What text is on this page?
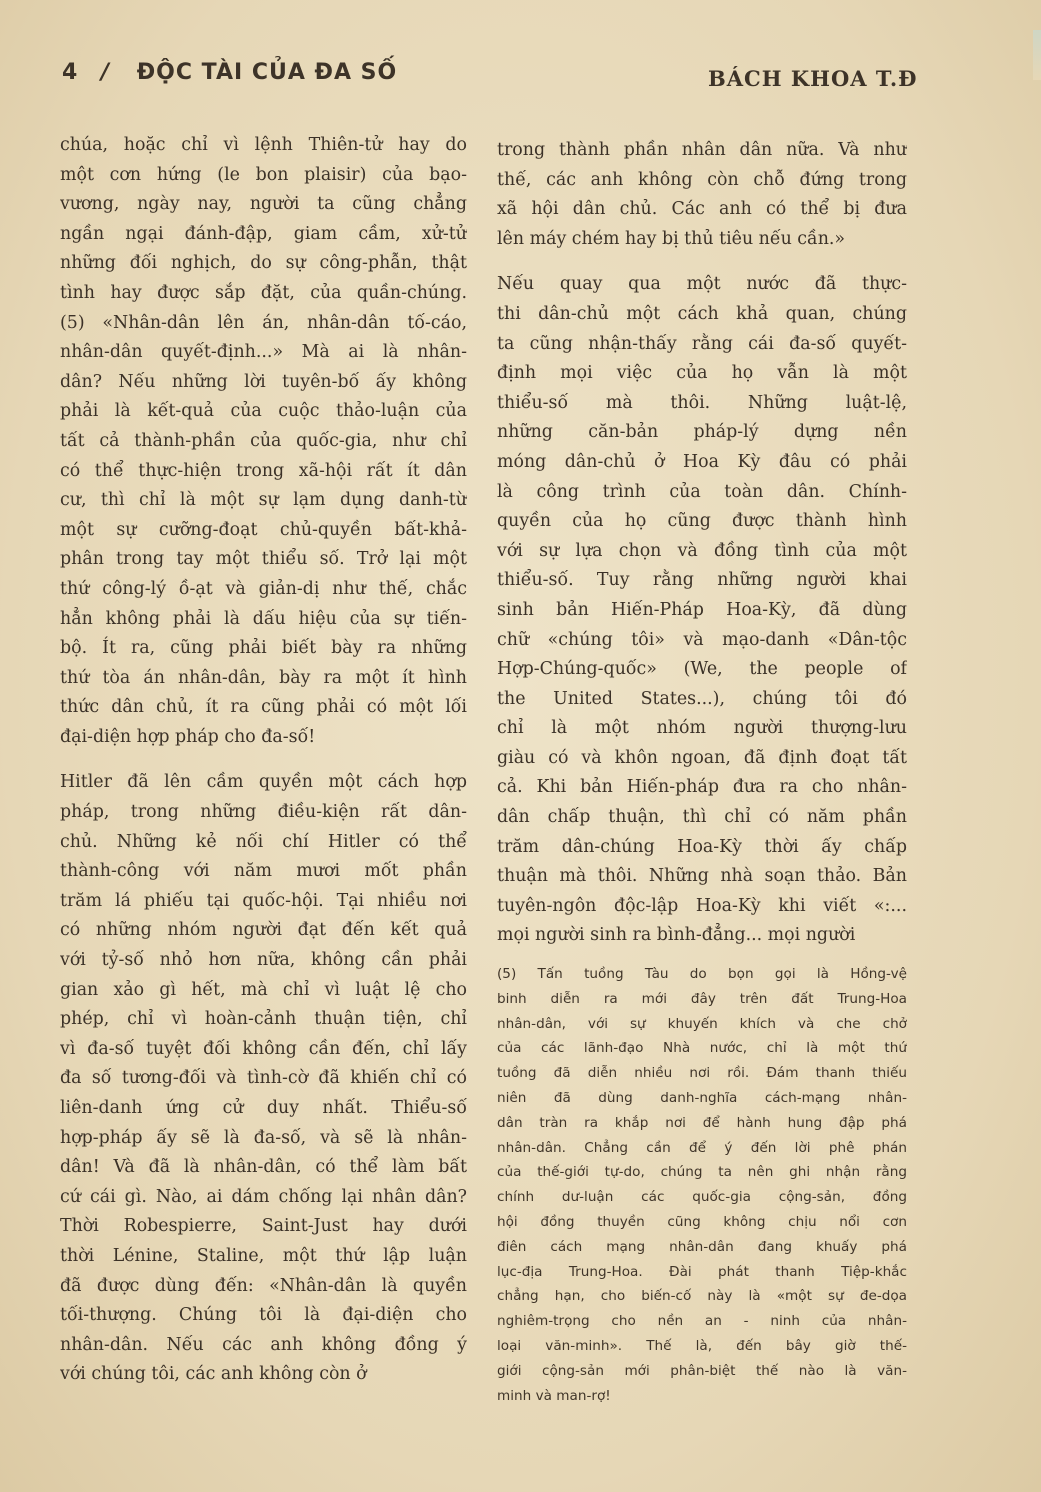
4 / ĐỘC TÀI CỦA ĐA SỐ	BÁCH KHOA T.Đ
chúa, hoặc chỉ vì lệnh Thiên-tử hay do
một cơn hứng (le bon plaisir) của bạo-
vương, ngày nay, người ta cũng chẳng
ngần ngại đánh-đập, giam cầm, xử-tử
những đối nghịch, do sự công-phẫn, thật
tình hay được sắp đặt, của quần-chúng.
(5) «Nhân-dân lên án, nhân-dân tố-cáo,
nhân-dân quyết-định...» Mà ai là nhân-
dân? Nếu những lời tuyên-bố ấy không
phải là kết-quả của cuộc thảo-luận của
tất cả thành-phần của quốc-gia, như chỉ
có thể thực-hiện trong xã-hội rất ít dân
cư, thì chỉ là một sự lạm dụng danh-từ
một sự cưỡng-đoạt chủ-quyền bất-khả-
phân trong tay một thiểu số. Trở lại một
thứ công-lý ồ-ạt và giản-dị như thế, chắc
hẳn không phải là dấu hiệu của sự tiến-
bộ. Ít ra, cũng phải biết bày ra những
thứ tòa án nhân-dân, bày ra một ít hình
thức dân chủ, ít ra cũng phải có một lối
đại-diện hợp pháp cho đa-số!
Hitler đã lên cầm quyền một cách hợp
pháp, trong những điều-kiện rất dân-
chủ. Những kẻ nối chí Hitler có thể
thành-công với năm mươi mốt phần
trăm lá phiếu tại quốc-hội. Tại nhiều nơi
có những nhóm người đạt đến kết quả
với tỷ-số nhỏ hơn nữa, không cần phải
gian xảo gì hết, mà chỉ vì luật lệ cho
phép, chỉ vì hoàn-cảnh thuận tiện, chỉ
vì đa-số tuyệt đối không cần đến, chỉ lấy
đa số tương-đối và tình-cờ đã khiến chỉ có
liên-danh ứng cử duy nhất. Thiểu-số
hợp-pháp ấy sẽ là đa-số, và sẽ là nhân-
dân! Và đã là nhân-dân, có thể làm bất
cứ cái gì. Nào, ai dám chống lại nhân dân?
Thời Robespierre, Saint-Just hay dưới
thời Lénine, Staline, một thứ lập luận
đã được dùng đến: «Nhân-dân là quyền
tối-thượng. Chúng tôi là đại-diện cho
nhân-dân. Nếu các anh không đồng ý
với chúng tôi, các anh không còn ở
trong thành phần nhân dân nữa. Và như
thế, các anh không còn chỗ đứng trong
xã hội dân chủ. Các anh có thể bị đưa
lên máy chém hay bị thủ tiêu nếu cần.»
Nếu quay qua một nước đã thực-
thi dân-chủ một cách khả quan, chúng
ta cũng nhận-thấy rằng cái đa-số quyết-
định mọi việc của họ vẫn là một
thiểu-số mà thôi. Những luật-lệ,
những căn-bản pháp-lý dựng nền
móng dân-chủ ở Hoa Kỳ đâu có phải
là công trình của toàn dân. Chính-
quyền của họ cũng được thành hình
với sự lựa chọn và đồng tình của một
thiểu-số. Tuy rằng những người khai
sinh bản Hiến-Pháp Hoa-Kỳ, đã dùng
chữ «chúng tôi» và mạo-danh «Dân-tộc
Hợp-Chúng-quốc» (We, the people of
the United States...), chúng tôi đó
chỉ là một nhóm người thượng-lưu
giàu có và khôn ngoan, đã định đoạt tất
cả. Khi bản Hiến-pháp đưa ra cho nhân-
dân chấp thuận, thì chỉ có năm phần
trăm dân-chúng Hoa-Kỳ thời ấy chấp
thuận mà thôi. Những nhà soạn thảo. Bản
tuyên-ngôn độc-lập Hoa-Kỳ khi viết «:...
mọi người sinh ra bình-đẳng... mọi người
(5) Tấn tuồng Tàu do bọn gọi là Hồng-vệ
binh diễn ra mới đây trên đất Trung-Hoa
nhân-dân, với sự khuyến khích và che chở
của các lãnh-đạo Nhà nước, chỉ là một thứ
tuồng đã diễn nhiều nơi rồi. Đám thanh thiếu
niên đã dùng danh-nghĩa cách-mạng nhân-
dân tràn ra khắp nơi để hành hung đập phá
nhân-dân. Chẳng cần để ý đến lời phê phán
của thế-giới tự-do, chúng ta nên ghi nhận rằng
chính dư-luận các quốc-gia cộng-sản, đồng
hội đồng thuyền cũng không chịu nổi cơn
điên cách mạng nhân-dân đang khuấy phá
lục-địa Trung-Hoa. Đài phát thanh Tiệp-khắc
chẳng hạn, cho biến-cố này là «một sự đe-dọa
nghiêm-trọng cho nền an - ninh của nhân-
loại văn-minh». Thế là, đến bây giờ thế-
giới cộng-sản mới phân-biệt thế nào là văn-
minh và man-rợ!
